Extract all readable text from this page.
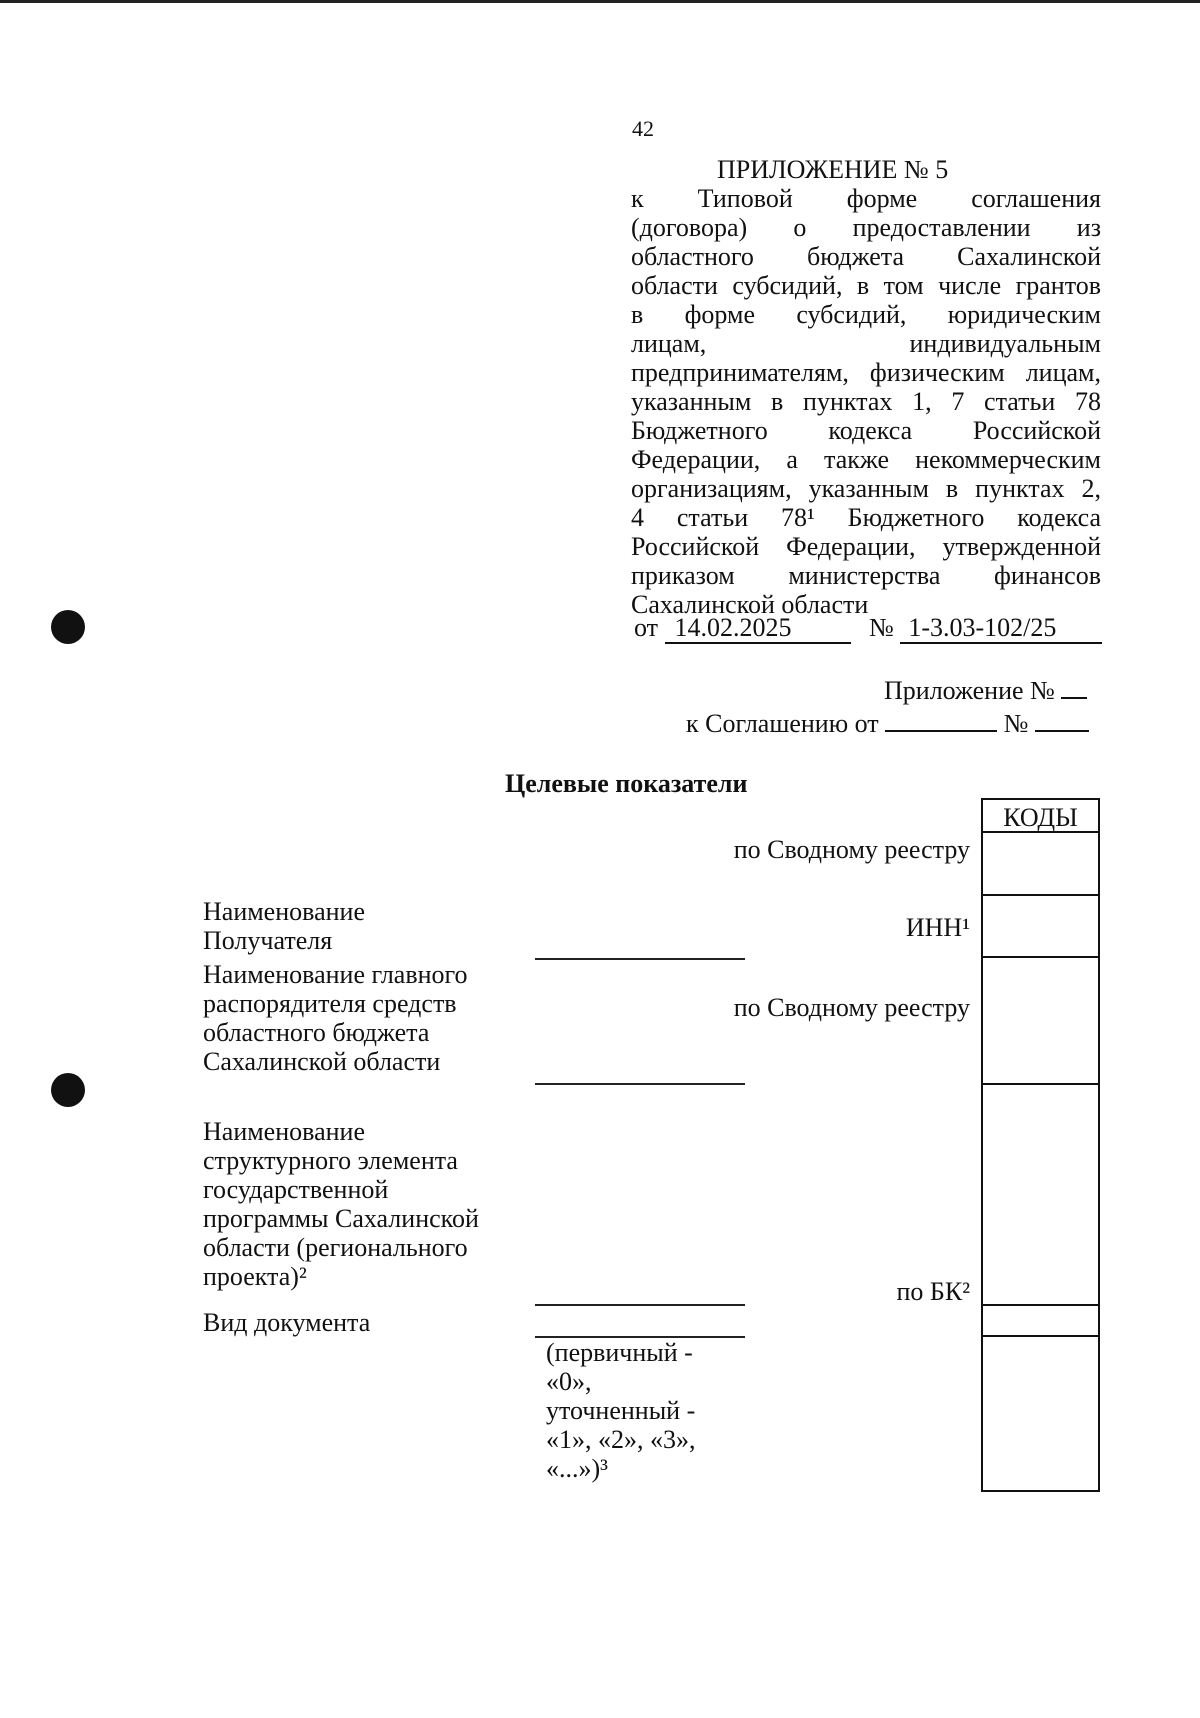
42
ПРИЛОЖЕНИЕ № 5
к Типовой форме соглашения
(договора) о предоставлении из
областного бюджета Сахалинской
области субсидий, в том числе грантов
в форме субсидий, юридическим
лицам, индивидуальным
предпринимателям, физическим лицам,
указанным в пунктах 1, 7 статьи 78
Бюджетного кодекса Российской
Федерации, а также некоммерческим
организациям, указанным в пунктах 2,
4 статьи 78¹ Бюджетного кодекса
Российской Федерации, утвержденной
приказом министерства финансов
Сахалинской области
от 14.02.2025	№ 1-3.03-102/25
Приложение №
к Соглашению от	№
Целевые показатели
Наименование Получателя
Наименование главного распорядителя средств областного бюджета Сахалинской области
Наименование структурного элемента государственной программы Сахалинской области (регионального проекта)²
Вид документа
(первичный - «0», уточненный - «1», «2», «3», «...»)³
по Сводному реестру
ИНН¹
по Сводному реестру
по БК²
КОДЫ
